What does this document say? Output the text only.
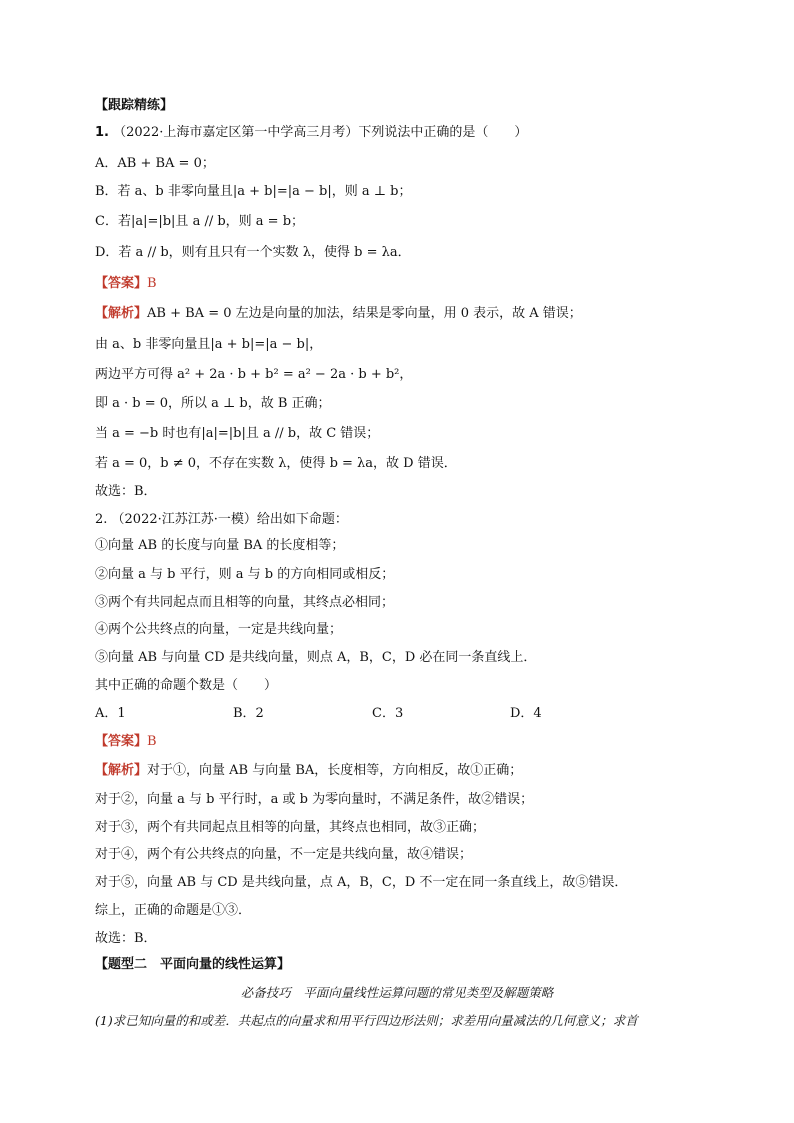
【跟踪精练】
1. （2022·上海市嘉定区第一中学高三月考）下列说法中正确的是（　　）
A．AB + BA = 0；
B．若 a、b 非零向量且|a + b|=|a − b|，则 a ⊥ b；
C．若|a|=|b|且 a // b，则 a = b；
D．若 a // b，则有且只有一个实数 λ，使得 b = λa．
【答案】B
【解析】AB + BA = 0 左边是向量的加法，结果是零向量，用 0 表示，故 A 错误；
由 a、b 非零向量且|a + b|=|a − b|，
两边平方可得 a² + 2a · b + b² = a² − 2a · b + b²，
即 a · b = 0，所以 a ⊥ b，故 B 正确；
当 a = −b 时也有|a|=|b|且 a // b，故 C 错误；
若 a = 0，b ≠ 0，不存在实数 λ，使得 b = λa，故 D 错误．
故选：B．
2. （2022·江苏江苏·一模）给出如下命题：
①向量 AB 的长度与向量 BA 的长度相等；
②向量 a 与 b 平行，则 a 与 b 的方向相同或相反；
③两个有共同起点而且相等的向量，其终点必相同；
④两个公共终点的向量，一定是共线向量；
⑤向量 AB 与向量 CD 是共线向量，则点 A，B，C，D 必在同一条直线上．
其中正确的命题个数是（　　）
A．1	B．2	C．3	D．4
【答案】B
【解析】对于①，向量 AB 与向量 BA，长度相等，方向相反，故①正确；
对于②，向量 a 与 b 平行时，a 或 b 为零向量时，不满足条件，故②错误；
对于③，两个有共同起点且相等的向量，其终点也相同，故③正确；
对于④，两个有公共终点的向量，不一定是共线向量，故④错误；
对于⑤，向量 AB 与 CD 是共线向量，点 A，B，C，D 不一定在同一条直线上，故⑤错误．
综上，正确的命题是①③．
故选：B．
【题型二　平面向量的线性运算】
必备技巧　平面向量线性运算问题的常见类型及解题策略
(1)求已知向量的和或差．共起点的向量求和用平行四边形法则；求差用向量减法的几何意义；求首
